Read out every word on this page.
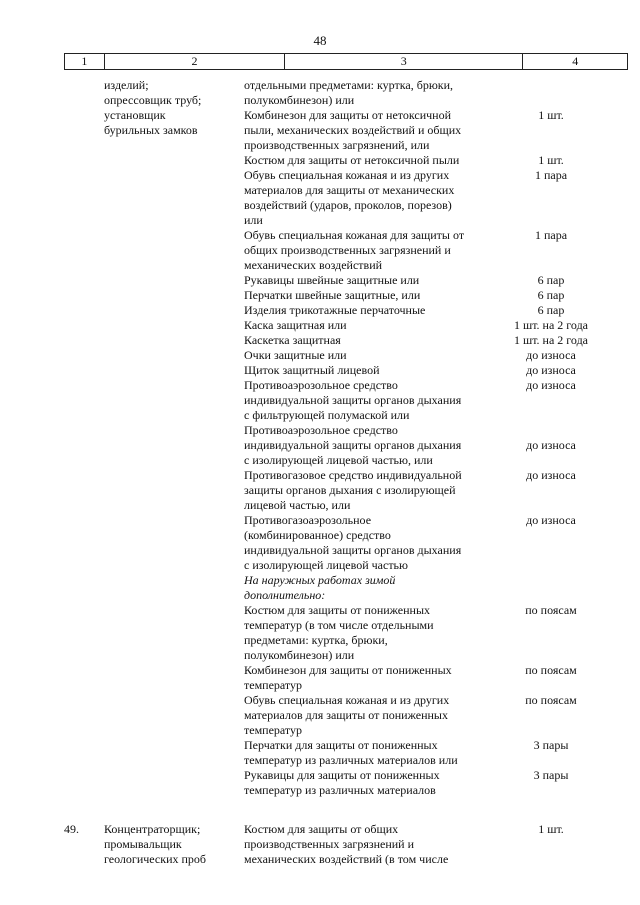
48
1	2	3	4
изделий;	отдельными предметами: куртка, брюки,
опрессовщик труб;	полукомбинезон) или
установщик	Комбинезон для защиты от нетоксичной	1 шт.
бурильных замков	пыли, механических воздействий и общих
производственных загрязнений, или
Костюм для защиты от нетоксичной пыли	1 шт.
Обувь специальная кожаная и из других	1 пара
материалов для защиты от механических
воздействий (ударов, проколов, порезов)
или
Обувь специальная кожаная для защиты от	1 пара
общих производственных загрязнений и
механических воздействий
Рукавицы швейные защитные или	6 пар
Перчатки швейные защитные, или	6 пар
Изделия трикотажные перчаточные	6 пар
Каска защитная или	1 шт. на 2 года
Каскетка защитная	1 шт. на 2 года
Очки защитные или	до износа
Щиток защитный лицевой	до износа
Противоаэрозольное средство	до износа
индивидуальной защиты органов дыхания
с фильтрующей полумаской или
Противоаэрозольное средство
индивидуальной защиты органов дыхания	до износа
с изолирующей лицевой частью, или
Противогазовое средство индивидуальной	до износа
защиты органов дыхания с изолирующей
лицевой частью, или
Противогазоаэрозольное	до износа
(комбинированное) средство
индивидуальной защиты органов дыхания
с изолирующей лицевой частью
На наружных работах зимой
дополнительно:
Костюм для защиты от пониженных	по поясам
температур (в том числе отдельными
предметами: куртка, брюки,
полукомбинезон) или
Комбинезон для защиты от пониженных	по поясам
температур
Обувь специальная кожаная и из других	по поясам
материалов для защиты от пониженных
температур
Перчатки для защиты от пониженных	3 пары
температур из различных материалов или
Рукавицы для защиты от пониженных	3 пары
температур из различных материалов
49.	Концентраторщик;	Костюм для защиты от общих	1 шт.
промывальщик	производственных загрязнений и
геологических проб	механических воздействий (в том числе
